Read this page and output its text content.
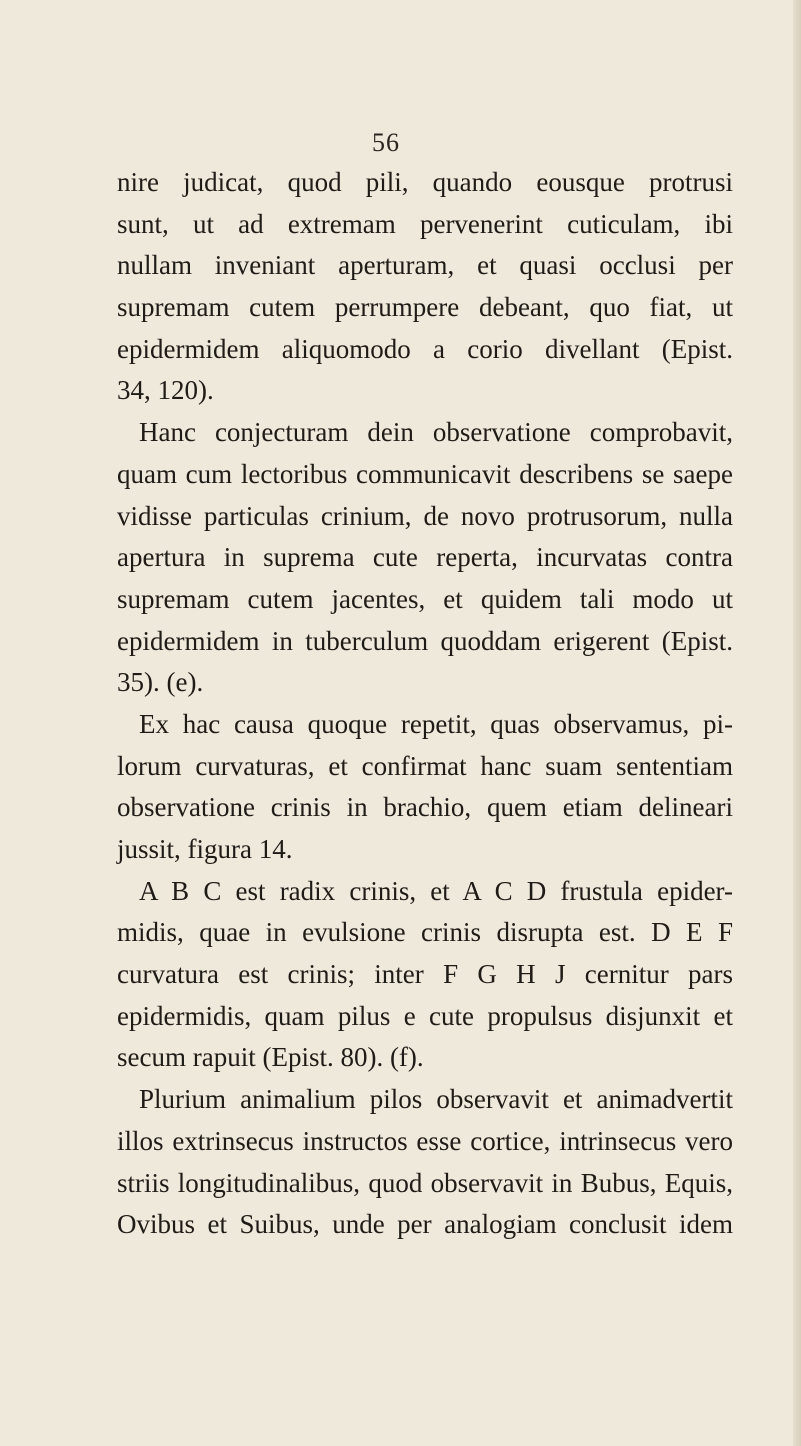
56
nire judicat, quod pili, quando eousque protrusi
sunt, ut ad extremam pervenerint cuticulam, ibi
nullam inveniant aperturam, et quasi occlusi per
supremam cutem perrumpere debeant, quo fiat, ut
epidermidem aliquomodo a corio divellant (Epist.
34, 120).
Hanc conjecturam dein observatione comprobavit,
quam cum lectoribus communicavit describens se saepe
vidisse particulas crinium, de novo protrusorum, nulla
apertura in suprema cute reperta, incurvatas contra
supremam cutem jacentes, et quidem tali modo ut
epidermidem in tuberculum quoddam erigerent (Epist.
35). (e).
Ex hac causa quoque repetit, quas observamus, pi-
lorum curvaturas, et confirmat hanc suam sententiam
observatione crinis in brachio, quem etiam delineari
jussit, figura 14.
A B C est radix crinis, et A C D frustula epider-
midis, quae in evulsione crinis disrupta est. D E F
curvatura est crinis; inter F G H J cernitur pars
epidermidis, quam pilus e cute propulsus disjunxit et
secum rapuit (Epist. 80). (f).
Plurium animalium pilos observavit et animadvertit
illos extrinsecus instructos esse cortice, intrinsecus vero
striis longitudinalibus, quod observavit in Bubus, Equis,
Ovibus et Suibus, unde per analogiam conclusit idem
